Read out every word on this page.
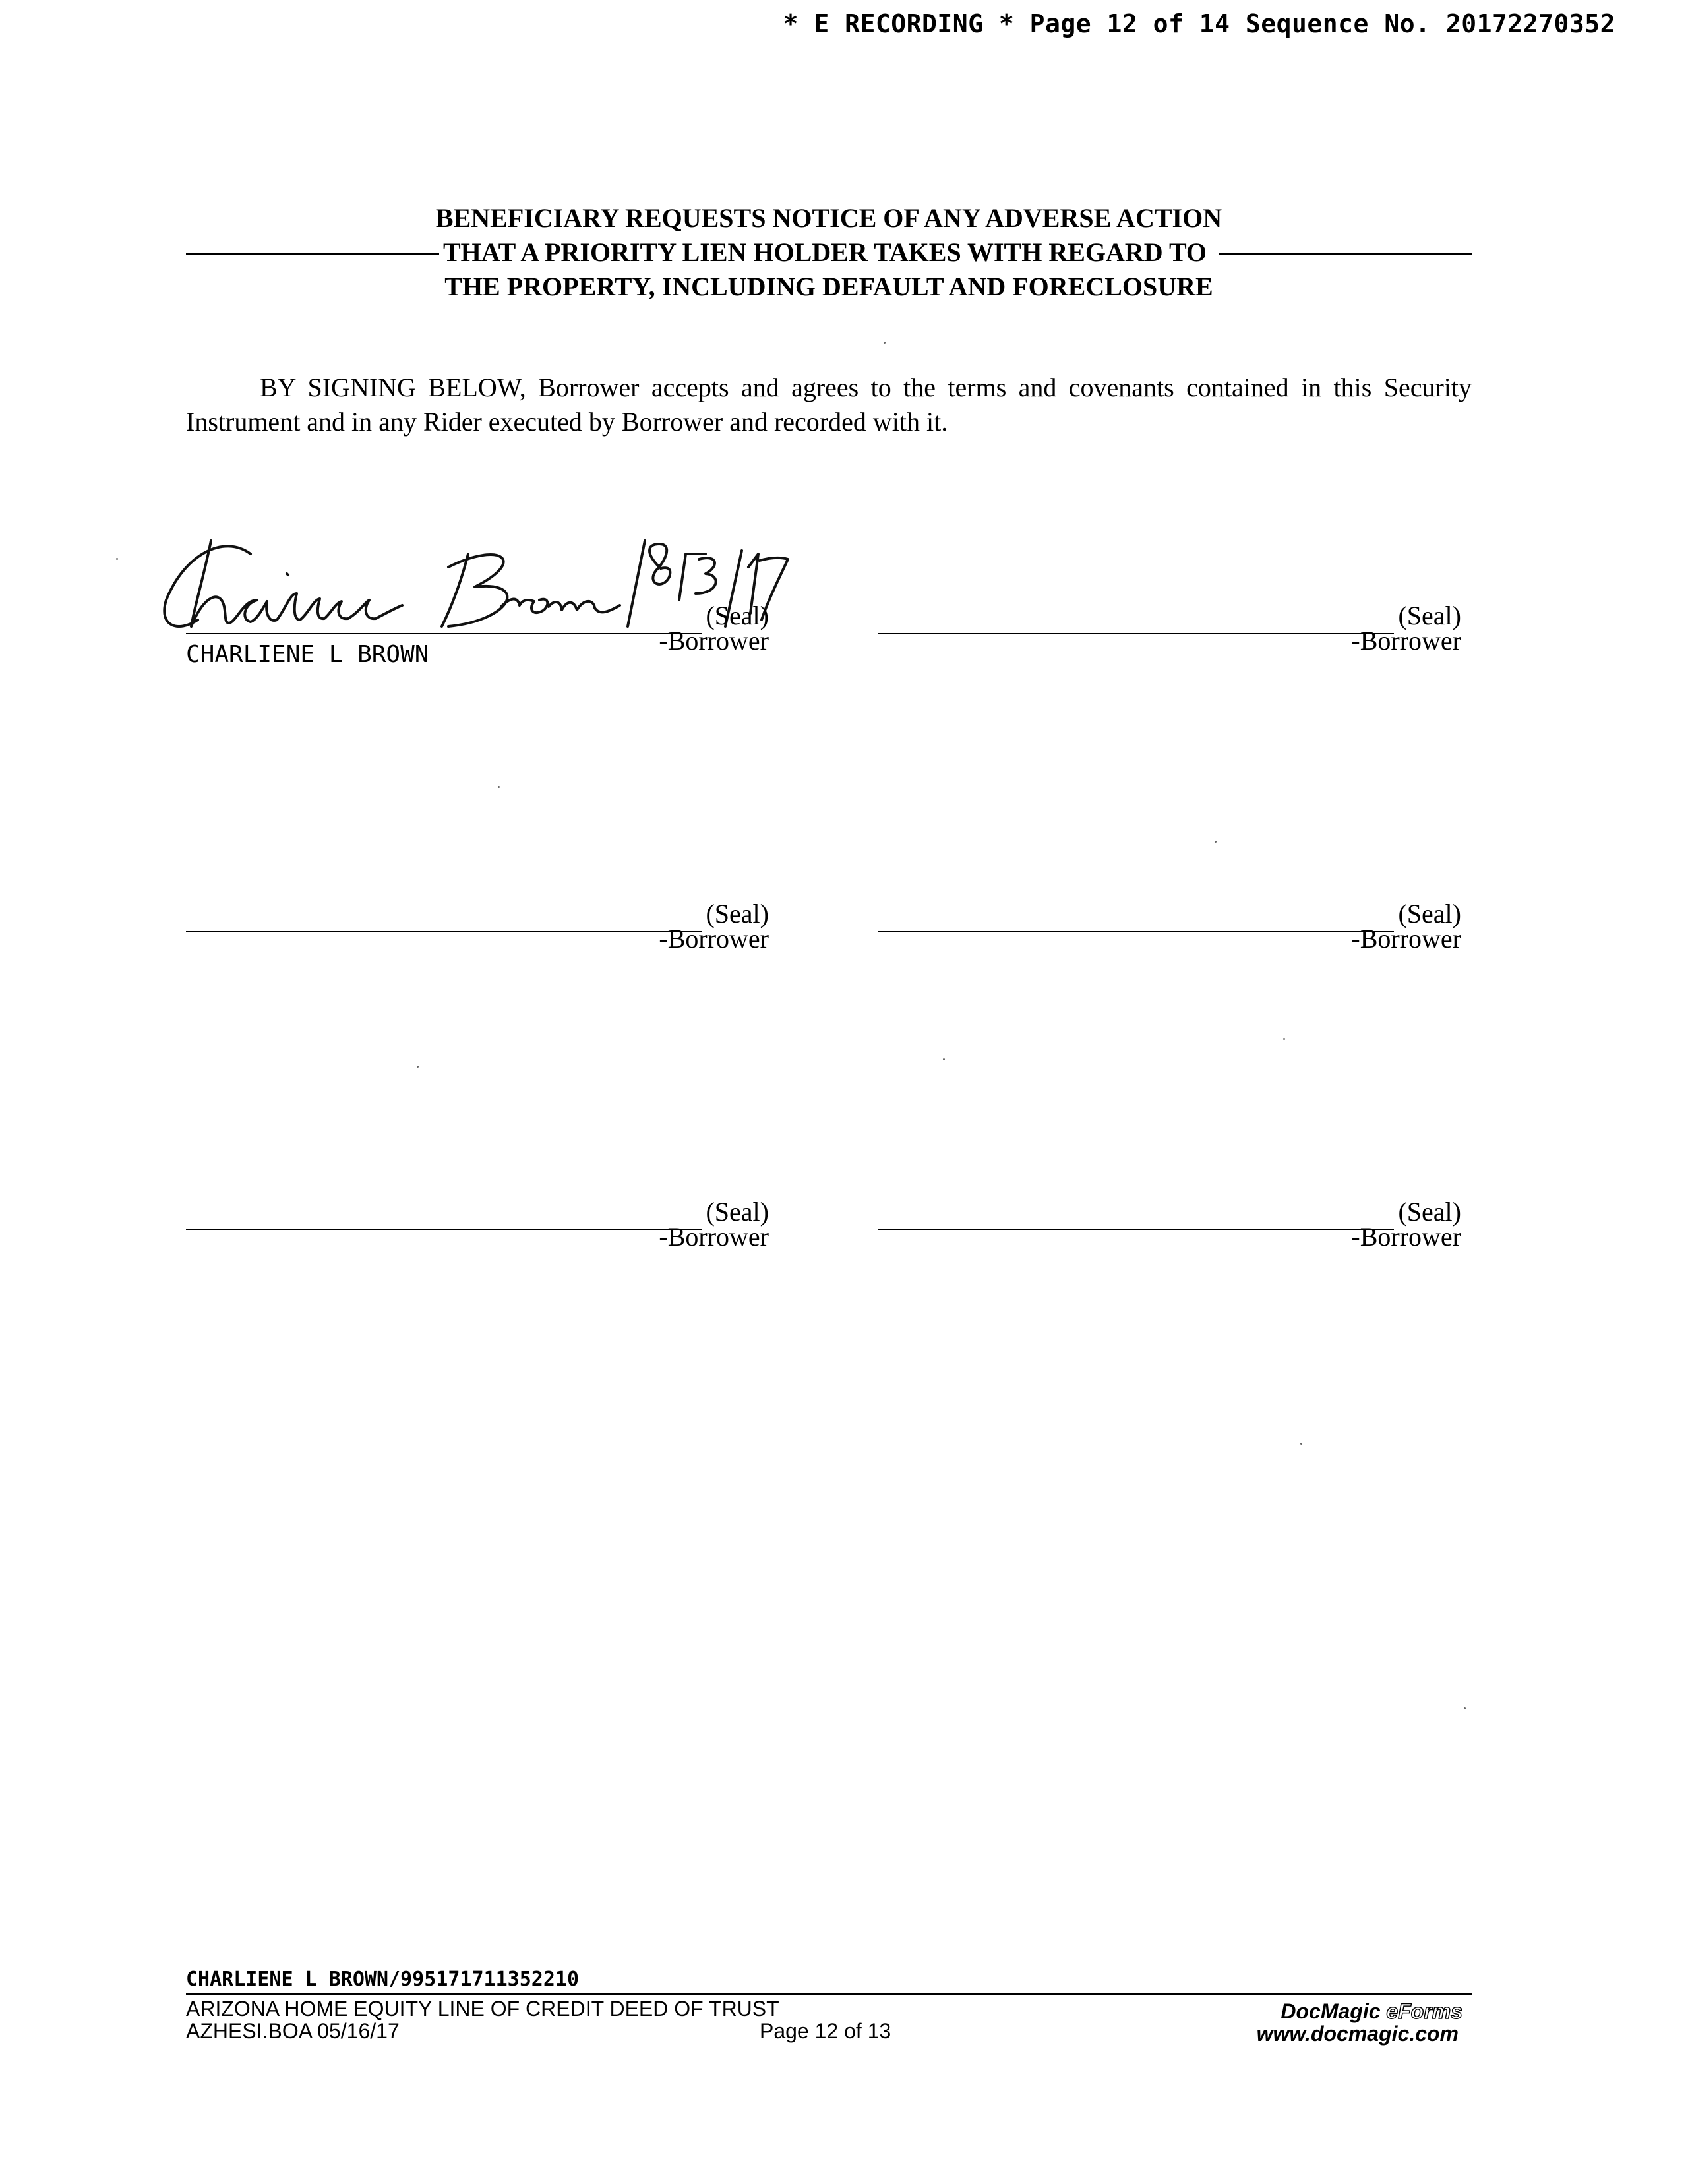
* E RECORDING * Page 12 of 14 Sequence No. 20172270352
BENEFICIARY REQUESTS NOTICE OF ANY ADVERSE ACTION
THAT A PRIORITY LIEN HOLDER TAKES WITH REGARD TO
THE PROPERTY, INCLUDING DEFAULT AND FORECLOSURE

BY SIGNING BELOW, Borrower accepts and agrees to the terms and covenants contained in this Security Instrument and in any Rider executed by Borrower and recorded with it.

(Seal)
-Borrower
CHARLIENE L BROWN
(Seal)
-Borrower
(Seal)
-Borrower
(Seal)
-Borrower
(Seal)
-Borrower
(Seal)
-Borrower
CHARLIENE L BROWN/995171711352210
ARIZONA HOME EQUITY LINE OF CREDIT DEED OF TRUST
AZHESI.BOA 05/16/17	Page 12 of 13
DocMagic eForms
www.docmagic.com
